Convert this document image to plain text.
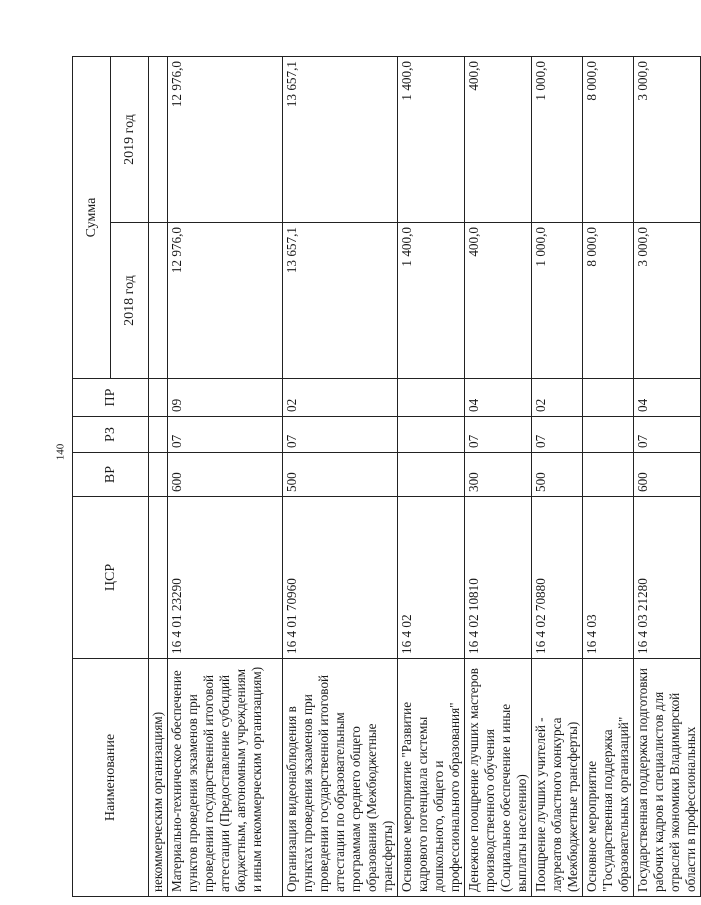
140
Наименование	ЦСР	ВР	РЗ	ПР	Сумма	
					2018 год	2019 год
некоммерческим организациям)						
Материально-техническое обеспечение пунктов проведения экзаменов при проведении государственной итоговой аттестации (Предоставление субсидий бюджетным, автономным учреждениям и иным некоммерческим организациям)	16 4 01 23290	600	07	09	12 976,0	12 976,0
Организация видеонаблюдения в пунктах проведения экзаменов при проведении государственной итоговой аттестации по образовательным программам среднего общего образования (Межбюджетные трансферты)	16 4 01 70960	500	07	02	13 657,1	13 657,1
Основное мероприятие "Развитие кадрового потенциала системы дошкольного, общего и профессионального образования"	16 4 02				1 400,0	1 400,0
Денежное поощрение лучших мастеров производственного обучения (Социальное обеспечение и иные выплаты населению)	16 4 02 10810	300	07	04	400,0	400,0
Поощрение лучших учителей - лауреатов областного конкурса (Межбюджетные трансферты)	16 4 02 70880	500	07	02	1 000,0	1 000,0
Основное мероприятие "Государственная поддержка образовательных организаций"	16 4 03				8 000,0	8 000,0
Государственная поддержка подготовки рабочих кадров и специалистов для отраслей экономики Владимирской области в профессиональных	16 4 03 21280	600	07	04	3 000,0	3 000,0
